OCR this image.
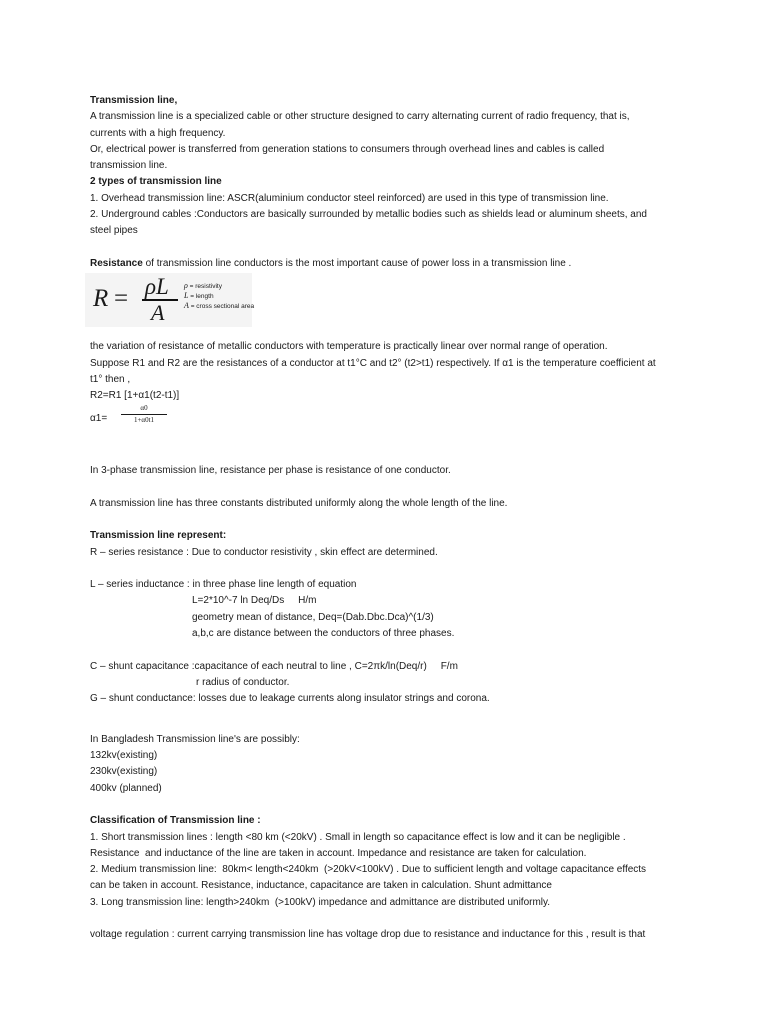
Transmission line,
A transmission line is a specialized cable or other structure designed to carry alternating current of radio frequency, that is,
currents with a high frequency.
Or, electrical power is transferred from generation stations to consumers through overhead lines and cables is called
transmission line.
2 types of transmission line
1. Overhead transmission line: ASCR(aluminium conductor steel reinforced) are used in this type of transmission line.
2. Underground cables :Conductors are basically surrounded by metallic bodies such as shields lead or aluminum sheets, and
steel pipes
Resistance of transmission line conductors is the most important cause of power loss in a transmission line .
R = ρL
A
ρ = resistivity
L = length
A = cross sectional area
the variation of resistance of metallic conductors with temperature is practically linear over normal range of operation.
Suppose R1 and R2 are the resistances of a conductor at t1°C and t2° (t2>t1) respectively. If α1 is the temperature coefficient at
t1° then ,
R2=R1 [1+α1(t2-t1)]
α1=
α0
1+α0t1
In 3-phase transmission line, resistance per phase is resistance of one conductor.
A transmission line has three constants distributed uniformly along the whole length of the line.
Transmission line represent:
R – series resistance : Due to conductor resistivity , skin effect are determined.
L – series inductance : in three phase line length of equation
L=2*10^-7 ln Deq/Ds     H/m
geometry mean of distance, Deq=(Dab.Dbc.Dca)^(1/3)
a,b,c are distance between the conductors of three phases.
C – shunt capacitance :capacitance of each neutral to line , C=2πk/ln(Deq/r)     F/m
r radius of conductor.
G – shunt conductance: losses due to leakage currents along insulator strings and corona.
In Bangladesh Transmission line's are possibly:
132kv(existing)
230kv(existing)
400kv (planned)
Classification of Transmission line :
1. Short transmission lines : length <80 km (<20kV) . Small in length so capacitance effect is low and it can be negligible .
Resistance  and inductance of the line are taken in account. Impedance and resistance are taken for calculation.
2. Medium transmission line:  80km< length<240km  (>20kV<100kV) . Due to sufficient length and voltage capacitance effects
can be taken in account. Resistance, inductance, capacitance are taken in calculation. Shunt admittance
3. Long transmission line: length>240km  (>100kV) impedance and admittance are distributed uniformly.
voltage regulation : current carrying transmission line has voltage drop due to resistance and inductance for this , result is that
